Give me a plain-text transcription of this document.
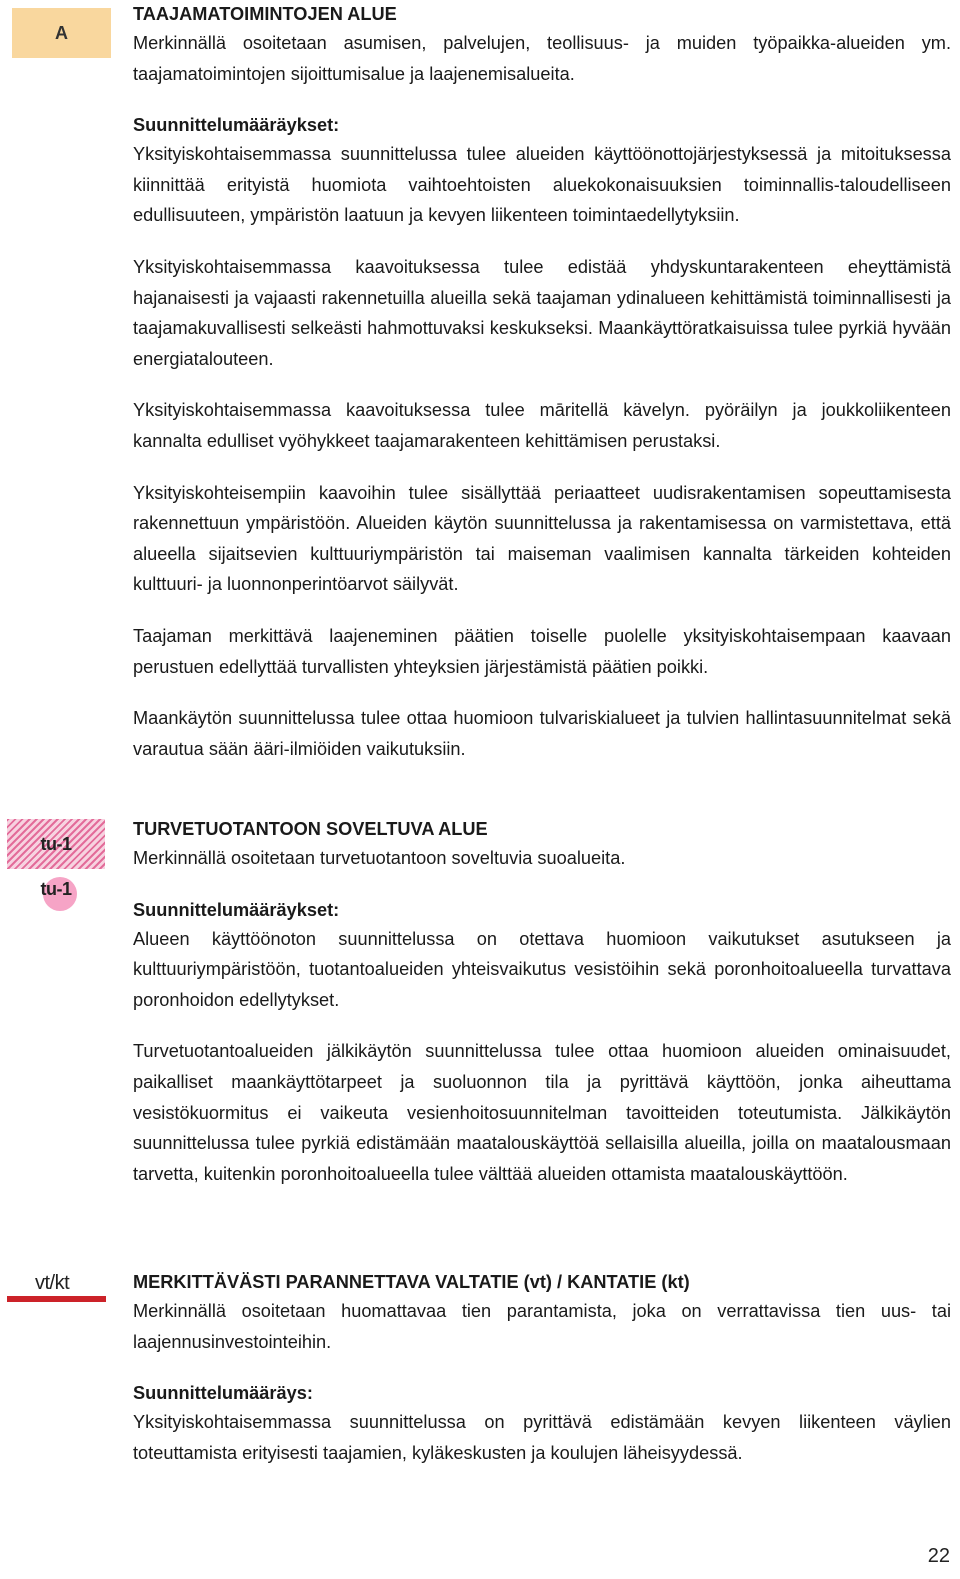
A

TAAJAMATOIMINTOJEN ALUE

Merkinnällä osoitetaan asumisen, palvelujen, teollisuus- ja muiden työpaikka-alueiden ym. taajamatoimintojen sijoittumisalue ja laajenemisalueita.

Suunnittelumääräykset:

Yksityiskohtaisemmassa suunnittelussa tulee alueiden käyttöönottojärjestyksessä ja mitoituksessa kiinnittää erityistä huomiota vaihtoehtoisten aluekokonaisuuksien toiminnallis-taloudelliseen edullisuuteen, ympäristön laatuun ja kevyen liikenteen toimintaedellytyksiin.

Yksityiskohtaisemmassa kaavoituksessa tulee edistää yhdyskuntarakenteen eheyttämistä hajanaisesti ja vajaasti rakennetuilla alueilla sekä taajaman ydinalueen kehittämistä toiminnallisesti ja taajamakuvallisesti selkeästi hahmottuvaksi keskukseksi. Maankäyttöratkaisuissa tulee pyrkiä hyvään energiatalouteen.

Yksityiskohtaisemmassa kaavoituksessa tulee māritellä kävelyn. pyöräilyn ja joukkoliikenteen kannalta edulliset vyöhykkeet taajamarakenteen kehittämisen perustaksi.

Yksityiskohteisempiin kaavoihin tulee sisällyttää periaatteet uudisrakentamisen sopeuttamisesta rakennettuun ympäristöön. Alueiden käytön suunnittelussa ja rakentamisessa on varmistettava, että alueella sijaitsevien kulttuuriympäristön tai maiseman vaalimisen kannalta tärkeiden kohteiden kulttuuri- ja luonnonperintöarvot säilyvät.

Taajaman merkittävä laajeneminen päätien toiselle puolelle yksityiskohtaisempaan kaavaan perustuen edellyttää turvallisten yhteyksien järjestämistä päätien poikki.

Maankäytön suunnittelussa tulee ottaa huomioon tulvariskialueet ja tulvien hallintasuunnitelmat sekä varautua sään ääri-ilmiöiden vaikutuksiin.

tu-1
tu-1

TURVETUOTANTOON SOVELTUVA ALUE

Merkinnällä osoitetaan turvetuotantoon soveltuvia suoalueita.

Suunnittelumääräykset:

Alueen käyttöönoton suunnittelussa on otettava huomioon vaikutukset asutukseen ja kulttuuriympäristöön, tuotantoalueiden yhteisvaikutus vesistöihin sekä poronhoitoalueella turvattava poronhoidon edellytykset.

Turvetuotantoalueiden jälkikäytön suunnittelussa tulee ottaa huomioon alueiden ominaisuudet, paikalliset maankäyttötarpeet ja suoluonnon tila ja pyrittävä käyttöön, jonka aiheuttama vesistökuormitus ei vaikeuta vesienhoitosuunnitelman tavoitteiden toteutumista. Jälkikäytön suunnittelussa tulee pyrkiä edistämään maatalouskäyttöä sellaisilla alueilla, joilla on maatalousmaan tarvetta, kuitenkin poronhoitoalueella tulee välttää alueiden ottamista maatalouskäyttöön.

vt/kt	MERKITTÄVÄSTI PARANNETTAVA VALTATIE (vt) / KANTATIE (kt)

Merkinnällä osoitetaan huomattavaa tien parantamista, joka on verrattavissa tien uus- tai laajennusinvestointeihin.

Suunnittelumääräys:

Yksityiskohtaisemmassa suunnittelussa on pyrittävä edistämään kevyen liikenteen väylien toteuttamista erityisesti taajamien, kyläkeskusten ja koulujen läheisyydessä.

22
